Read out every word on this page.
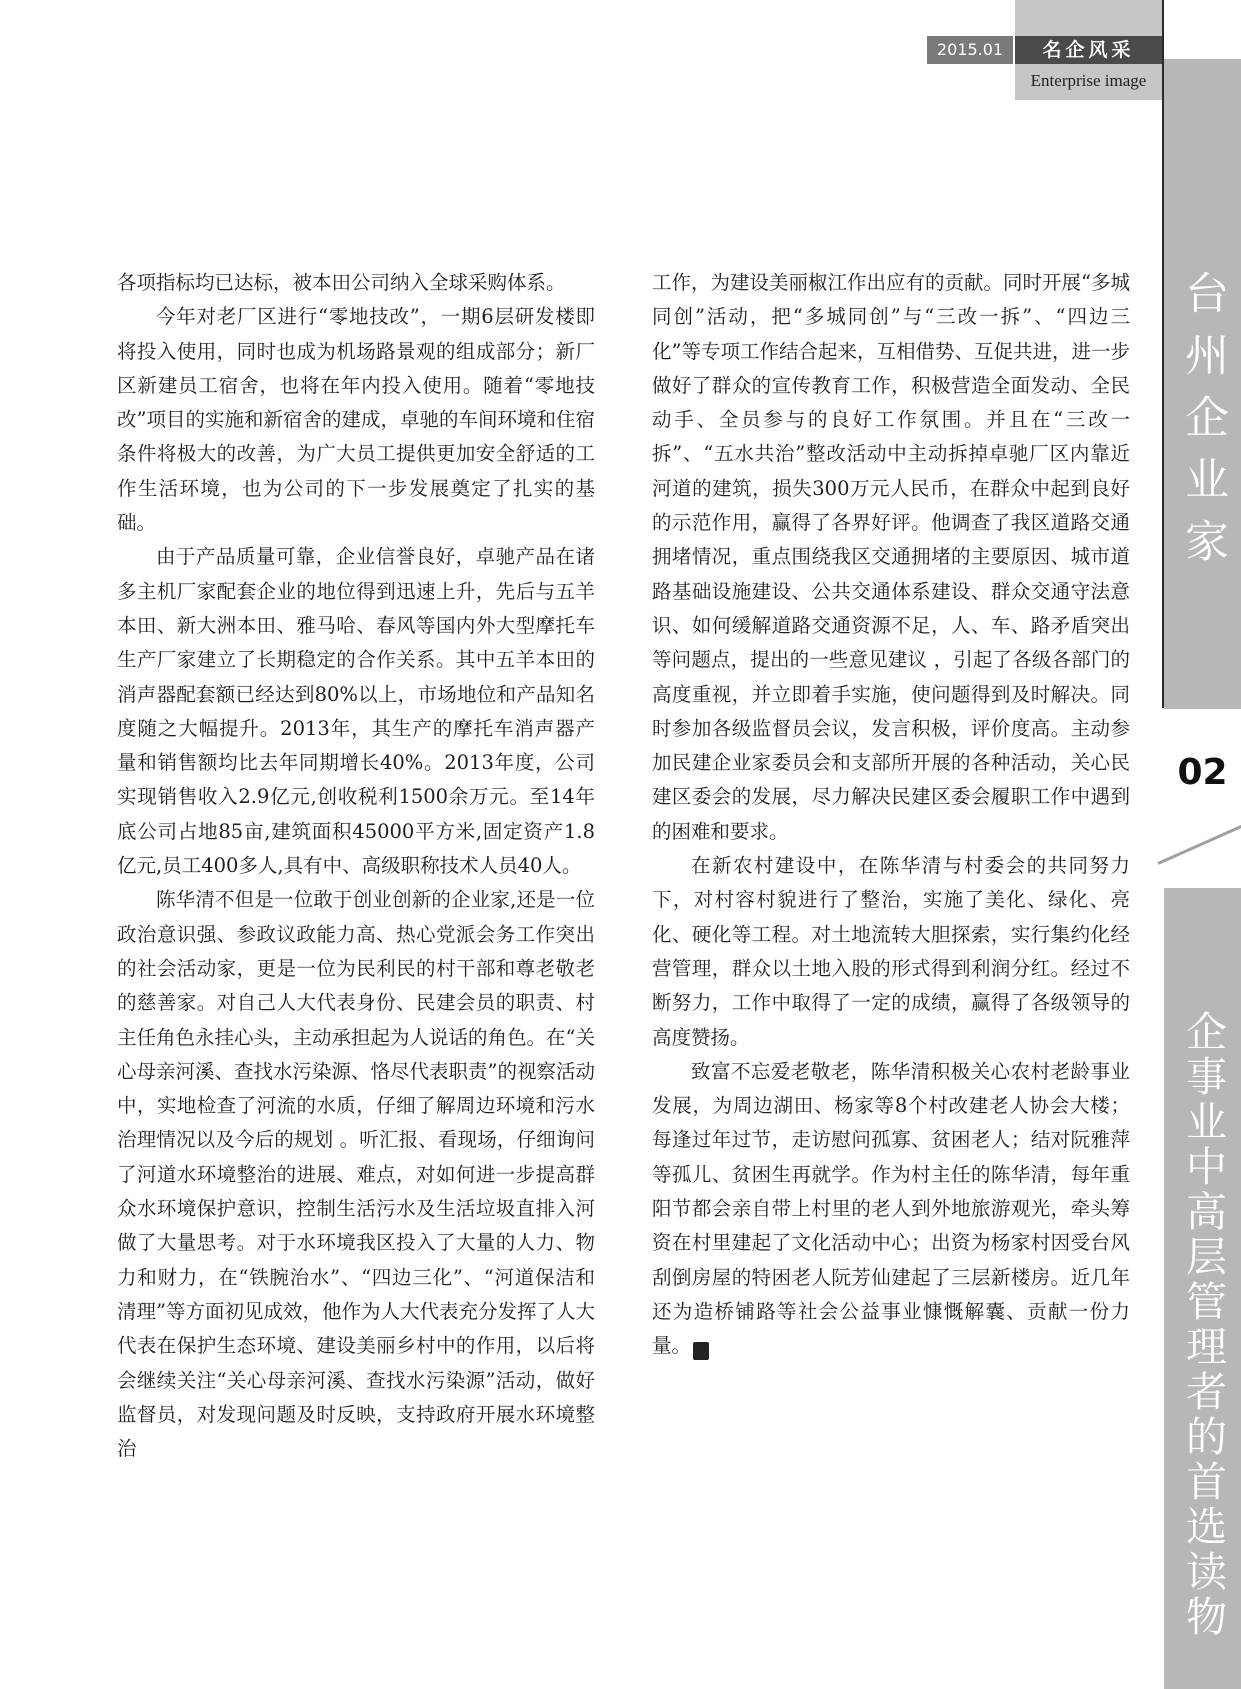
2015.01	名企风采
Enterprise image
台州企业家
02
企事业中高层管理者的首选读物

各项指标均已达标，被本田公司纳入全球采购体系。

今年对老厂区进行“零地技改”，一期6层研发楼即将投入使用，同时也成为机场路景观的组成部分；新厂区新建员工宿舍，也将在年内投入使用。随着“零地技改”项目的实施和新宿舍的建成，卓驰的车间环境和住宿条件将极大的改善，为广大员工提供更加安全舒适的工作生活环境，也为公司的下一步发展奠定了扎实的基础。

由于产品质量可靠，企业信誉良好，卓驰产品在诸多主机厂家配套企业的地位得到迅速上升，先后与五羊本田、新大洲本田、雅马哈、春风等国内外大型摩托车生产厂家建立了长期稳定的合作关系。其中五羊本田的消声器配套额已经达到80%以上，市场地位和产品知名度随之大幅提升。2013年，其生产的摩托车消声器产量和销售额均比去年同期增长40%。2013年度，公司实现销售收入2.9亿元,创收税利1500余万元。至14年底公司占地85亩,建筑面积45000平方米,固定资产1.8亿元,员工400多人,具有中、高级职称技术人员40人。

陈华清不但是一位敢于创业创新的企业家,还是一位政治意识强、参政议政能力高、热心党派会务工作突出的社会活动家，更是一位为民利民的村干部和尊老敬老的慈善家。对自己人大代表身份、民建会员的职责、村主任角色永挂心头，主动承担起为人说话的角色。在“关心母亲河溪、查找水污染源、恪尽代表职责”的视察活动中，实地检查了河流的水质，仔细了解周边环境和污水治理情况以及今后的规划 。听汇报、看现场，仔细询问了河道水环境整治的进展、难点，对如何进一步提高群众水环境保护意识，控制生活污水及生活垃圾直排入河做了大量思考。对于水环境我区投入了大量的人力、物力和财力，在“铁腕治水”、“四边三化”、“河道保洁和清理”等方面初见成效，他作为人大代表充分发挥了人大代表在保护生态环境、建设美丽乡村中的作用，以后将会继续关注“关心母亲河溪、查找水污染源”活动，做好监督员，对发现问题及时反映，支持政府开展水环境整治

工作，为建设美丽椒江作出应有的贡献。同时开展“多城同创”活动，把“多城同创”与“三改一拆”、“四边三化”等专项工作结合起来，互相借势、互促共进，进一步做好了群众的宣传教育工作，积极营造全面发动、全民动手、全员参与的良好工作氛围。并且在“三改一拆”、“五水共治”整改活动中主动拆掉卓驰厂区内靠近河道的建筑，损失300万元人民币，在群众中起到良好的示范作用，赢得了各界好评。他调查了我区道路交通拥堵情况，重点围绕我区交通拥堵的主要原因、城市道路基础设施建设、公共交通体系建设、群众交通守法意识、如何缓解道路交通资源不足，人、车、路矛盾突出等问题点，提出的一些意见建议 ，引起了各级各部门的高度重视，并立即着手实施，使问题得到及时解决。同时参加各级监督员会议，发言积极，评价度高。主动参加民建企业家委员会和支部所开展的各种活动，关心民建区委会的发展，尽力解决民建区委会履职工作中遇到的困难和要求。

在新农村建设中，在陈华清与村委会的共同努力下，对村容村貌进行了整治，实施了美化、绿化、亮化、硬化等工程。对土地流转大胆探索，实行集约化经营管理，群众以土地入股的形式得到利润分红。经过不断努力，工作中取得了一定的成绩，赢得了各级领导的高度赞扬。

致富不忘爱老敬老，陈华清积极关心农村老龄事业发展，为周边湖田、杨家等8个村改建老人协会大楼；每逢过年过节，走访慰问孤寡、贫困老人；结对阮雅萍等孤儿、贫困生再就学。作为村主任的陈华清，每年重阳节都会亲自带上村里的老人到外地旅游观光，牵头筹资在村里建起了文化活动中心；出资为杨家村因受台风刮倒房屋的特困老人阮芳仙建起了三层新楼房。近几年还为造桥铺路等社会公益事业慷慨解囊、贡献一份力量。	✎
